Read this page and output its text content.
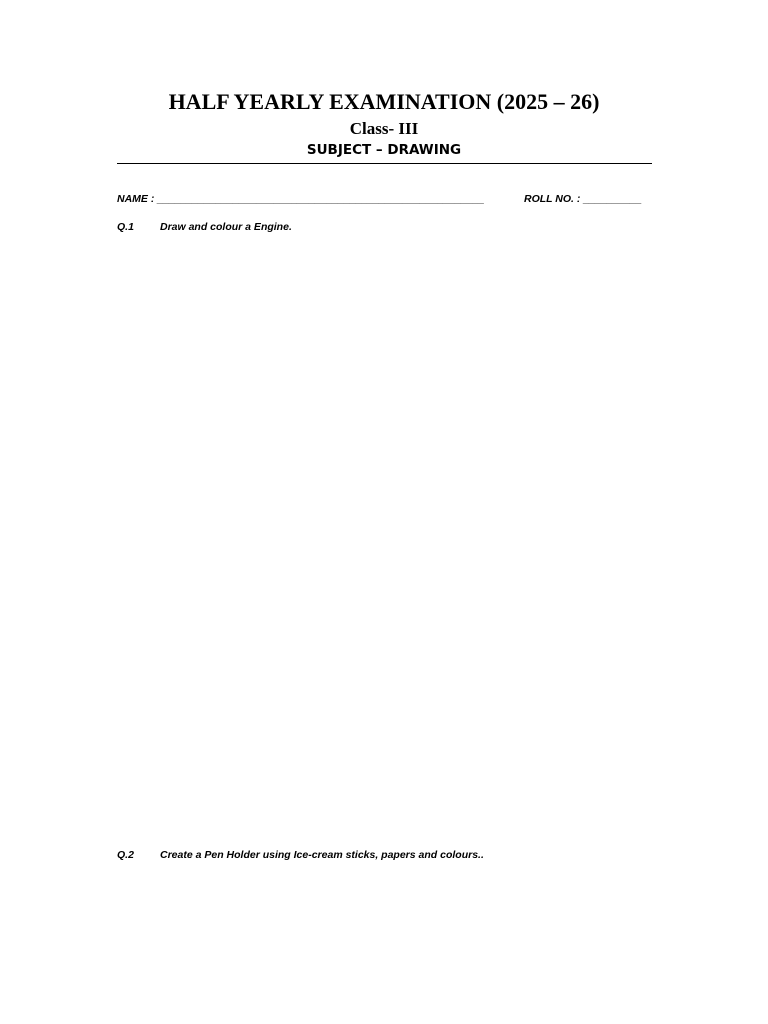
HALF YEARLY EXAMINATION (2025 – 26)
Class- III
SUBJECT – DRAWING
NAME : ________________________________________________________	ROLL NO. : __________
Q.1 Draw and colour a Engine.
Q.2 Create a Pen Holder using Ice-cream sticks, papers and colours..
